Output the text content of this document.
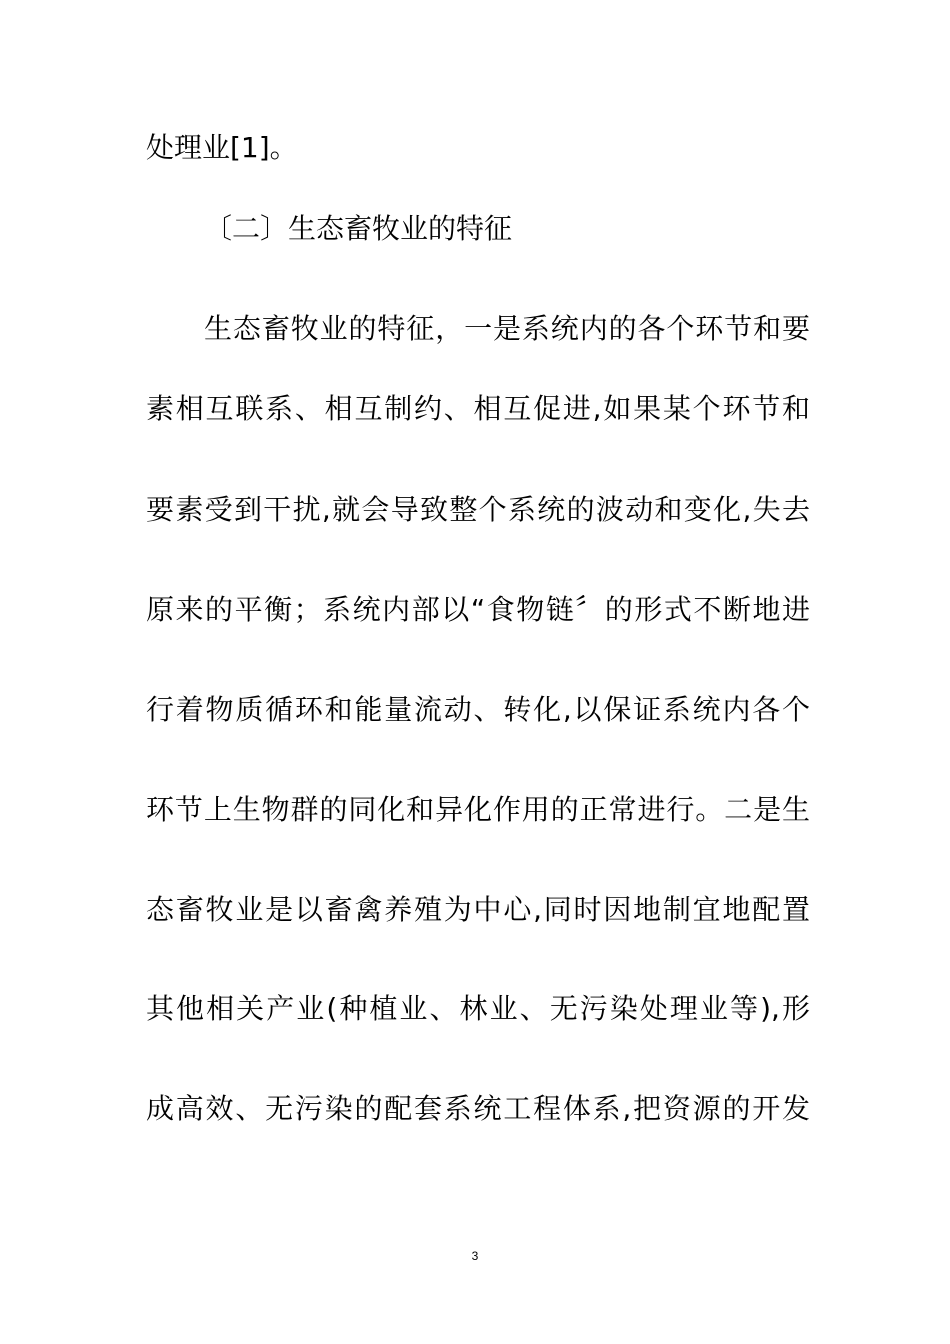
处理业[1]。
〔二〕生态畜牧业的特征
生态畜牧业的特征，一是系统内的各个环节和要
素相互联系、相互制约、相互促进,如果某个环节和
要素受到干扰,就会导致整个系统的波动和变化,失去
原来的平衡；系统内部以“食物链〞的形式不断地进
行着物质循环和能量流动、转化,以保证系统内各个
环节上生物群的同化和异化作用的正常进行。二是生
态畜牧业是以畜禽养殖为中心,同时因地制宜地配置
其他相关产业(种植业、林业、无污染处理业等),形
成高效、无污染的配套系统工程体系,把资源的开发
3
